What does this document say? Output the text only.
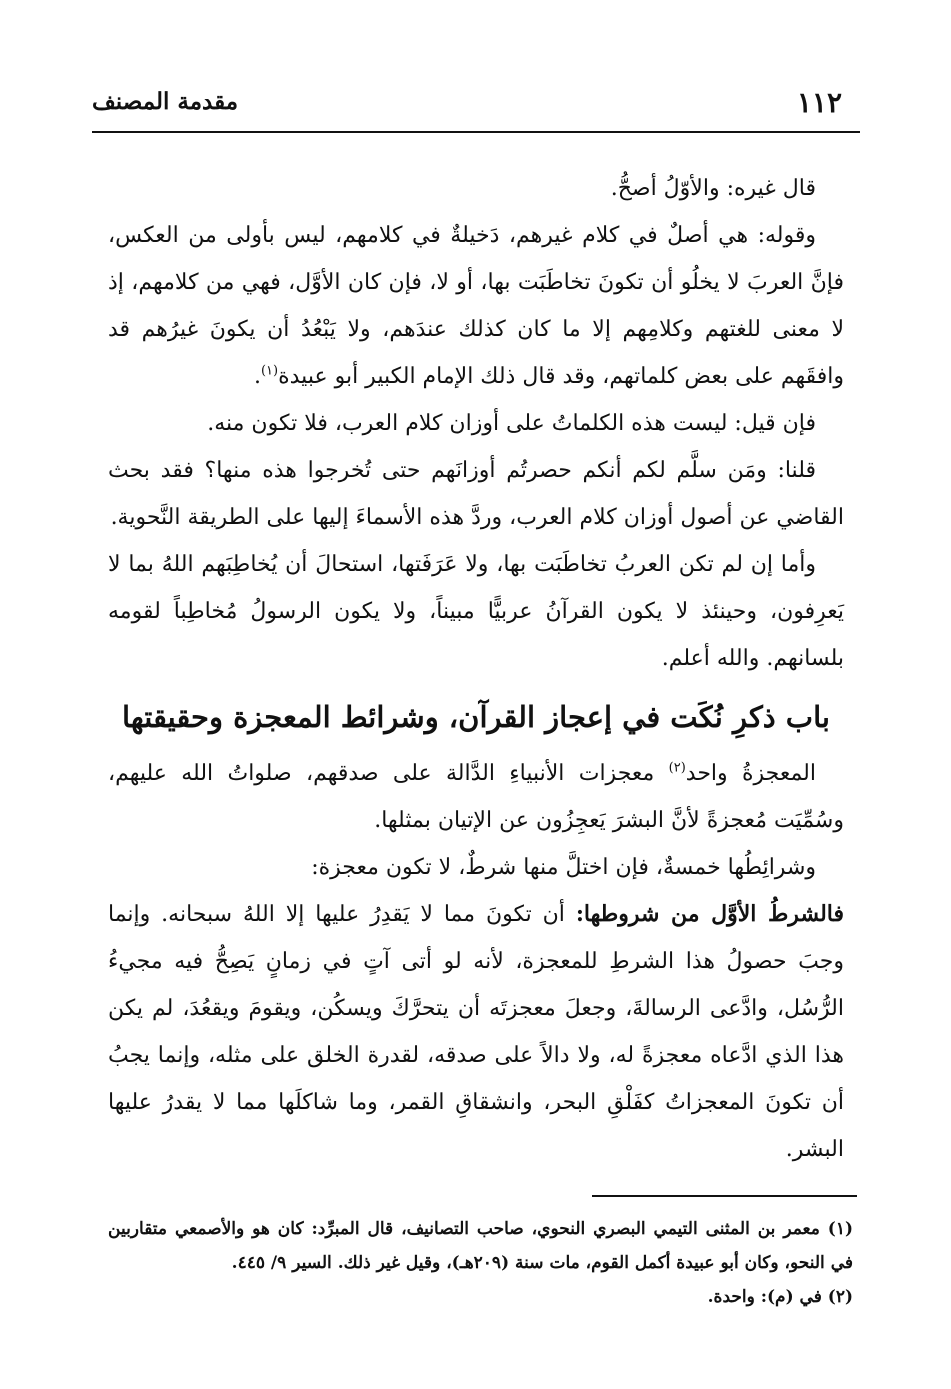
١١٢
مقدمة المصنف

قال غيره: والأوّلُ أصحُّ.

وقوله: هي أصلٌ في كلام غيرهم، دَخيلةٌ في كلامهم، ليس بأولى من العكس، فإنَّ العربَ لا يخلُو أن تكونَ تخاطَبَت بها، أو لا، فإن كان الأوَّل، فهي من كلامهم، إذ لا معنى للغتهم وكلامِهم إلا ما كان كذلك عندَهم، ولا يَبْعُدُ أن يكونَ غيرُهم قد وافقَهم على بعض كلماتهم، وقد قال ذلك الإمام الكبير أبو عبيدة$^{(١)}$.

فإن قيل: ليست هذه الكلماتُ على أوزان كلام العرب، فلا تكون منه.

قلنا: ومَن سلَّم لكم أنكم حصرتُم أوزانَهم حتى تُخرجوا هذه منها؟ فقد بحث القاضي عن أصول أوزان كلام العرب، وردَّ هذه الأسماءَ إليها على الطريقة النَّحوية.

وأما إن لم تكن العربُ تخاطَبَت بها، ولا عَرَفَتها، استحالَ أن يُخاطِبَهم اللهُ بما لا يَعرِفون، وحينئذ لا يكون القرآنُ عربيًّا مبيناً، ولا يكون الرسولُ مُخاطِباً لقومه بلسانهم. والله أعلم.

باب ذكرِ نُكَت في إعجاز القرآن، وشرائط المعجزة وحقيقتها

المعجزةُ واحد$^{(٢)}$ معجزات الأنبياءِ الدَّالة على صدقهم، صلواتُ الله عليهم، وسُمِّيَت مُعجزةً لأنَّ البشرَ يَعجِزُون عن الإتيان بمثلها.

وشرائِطُها خمسةٌ، فإن اختلَّ منها شرطٌ، لا تكون معجزة:

فالشرطُ الأوَّل من شروطها: أن تكونَ مما لا يَقدِرُ عليها إلا اللهُ سبحانه. وإنما وجبَ حصولُ هذا الشرطِ للمعجزة، لأنه لو أتى آتٍ في زمانٍ يَصِحُّ فيه مجيءُ الرُّسُل، وادَّعى الرسالةَ، وجعلَ معجزتَه أن يتحرَّكَ ويسكُن، ويقومَ ويقعُدَ، لم يكن هذا الذي ادَّعاه معجزةً له، ولا دالاً على صدقه، لقدرة الخلق على مثله، وإنما يجبُ أن تكونَ المعجزاتُ كفَلْقِ البحر، وانشقاقِ القمر، وما شاكلَها مما لا يقدرُ عليها البشر.

(١) معمر بن المثنى التيمي البصري النحوي، صاحب التصانيف، قال المبرِّد: كان هو والأصمعي متقاربين في النحو، وكان أبو عبيدة أكمل القوم، مات سنة (٢٠٩هـ)، وقيل غير ذلك. السير ٩/ ٤٤٥.

(٢) في (م): واحدة.
